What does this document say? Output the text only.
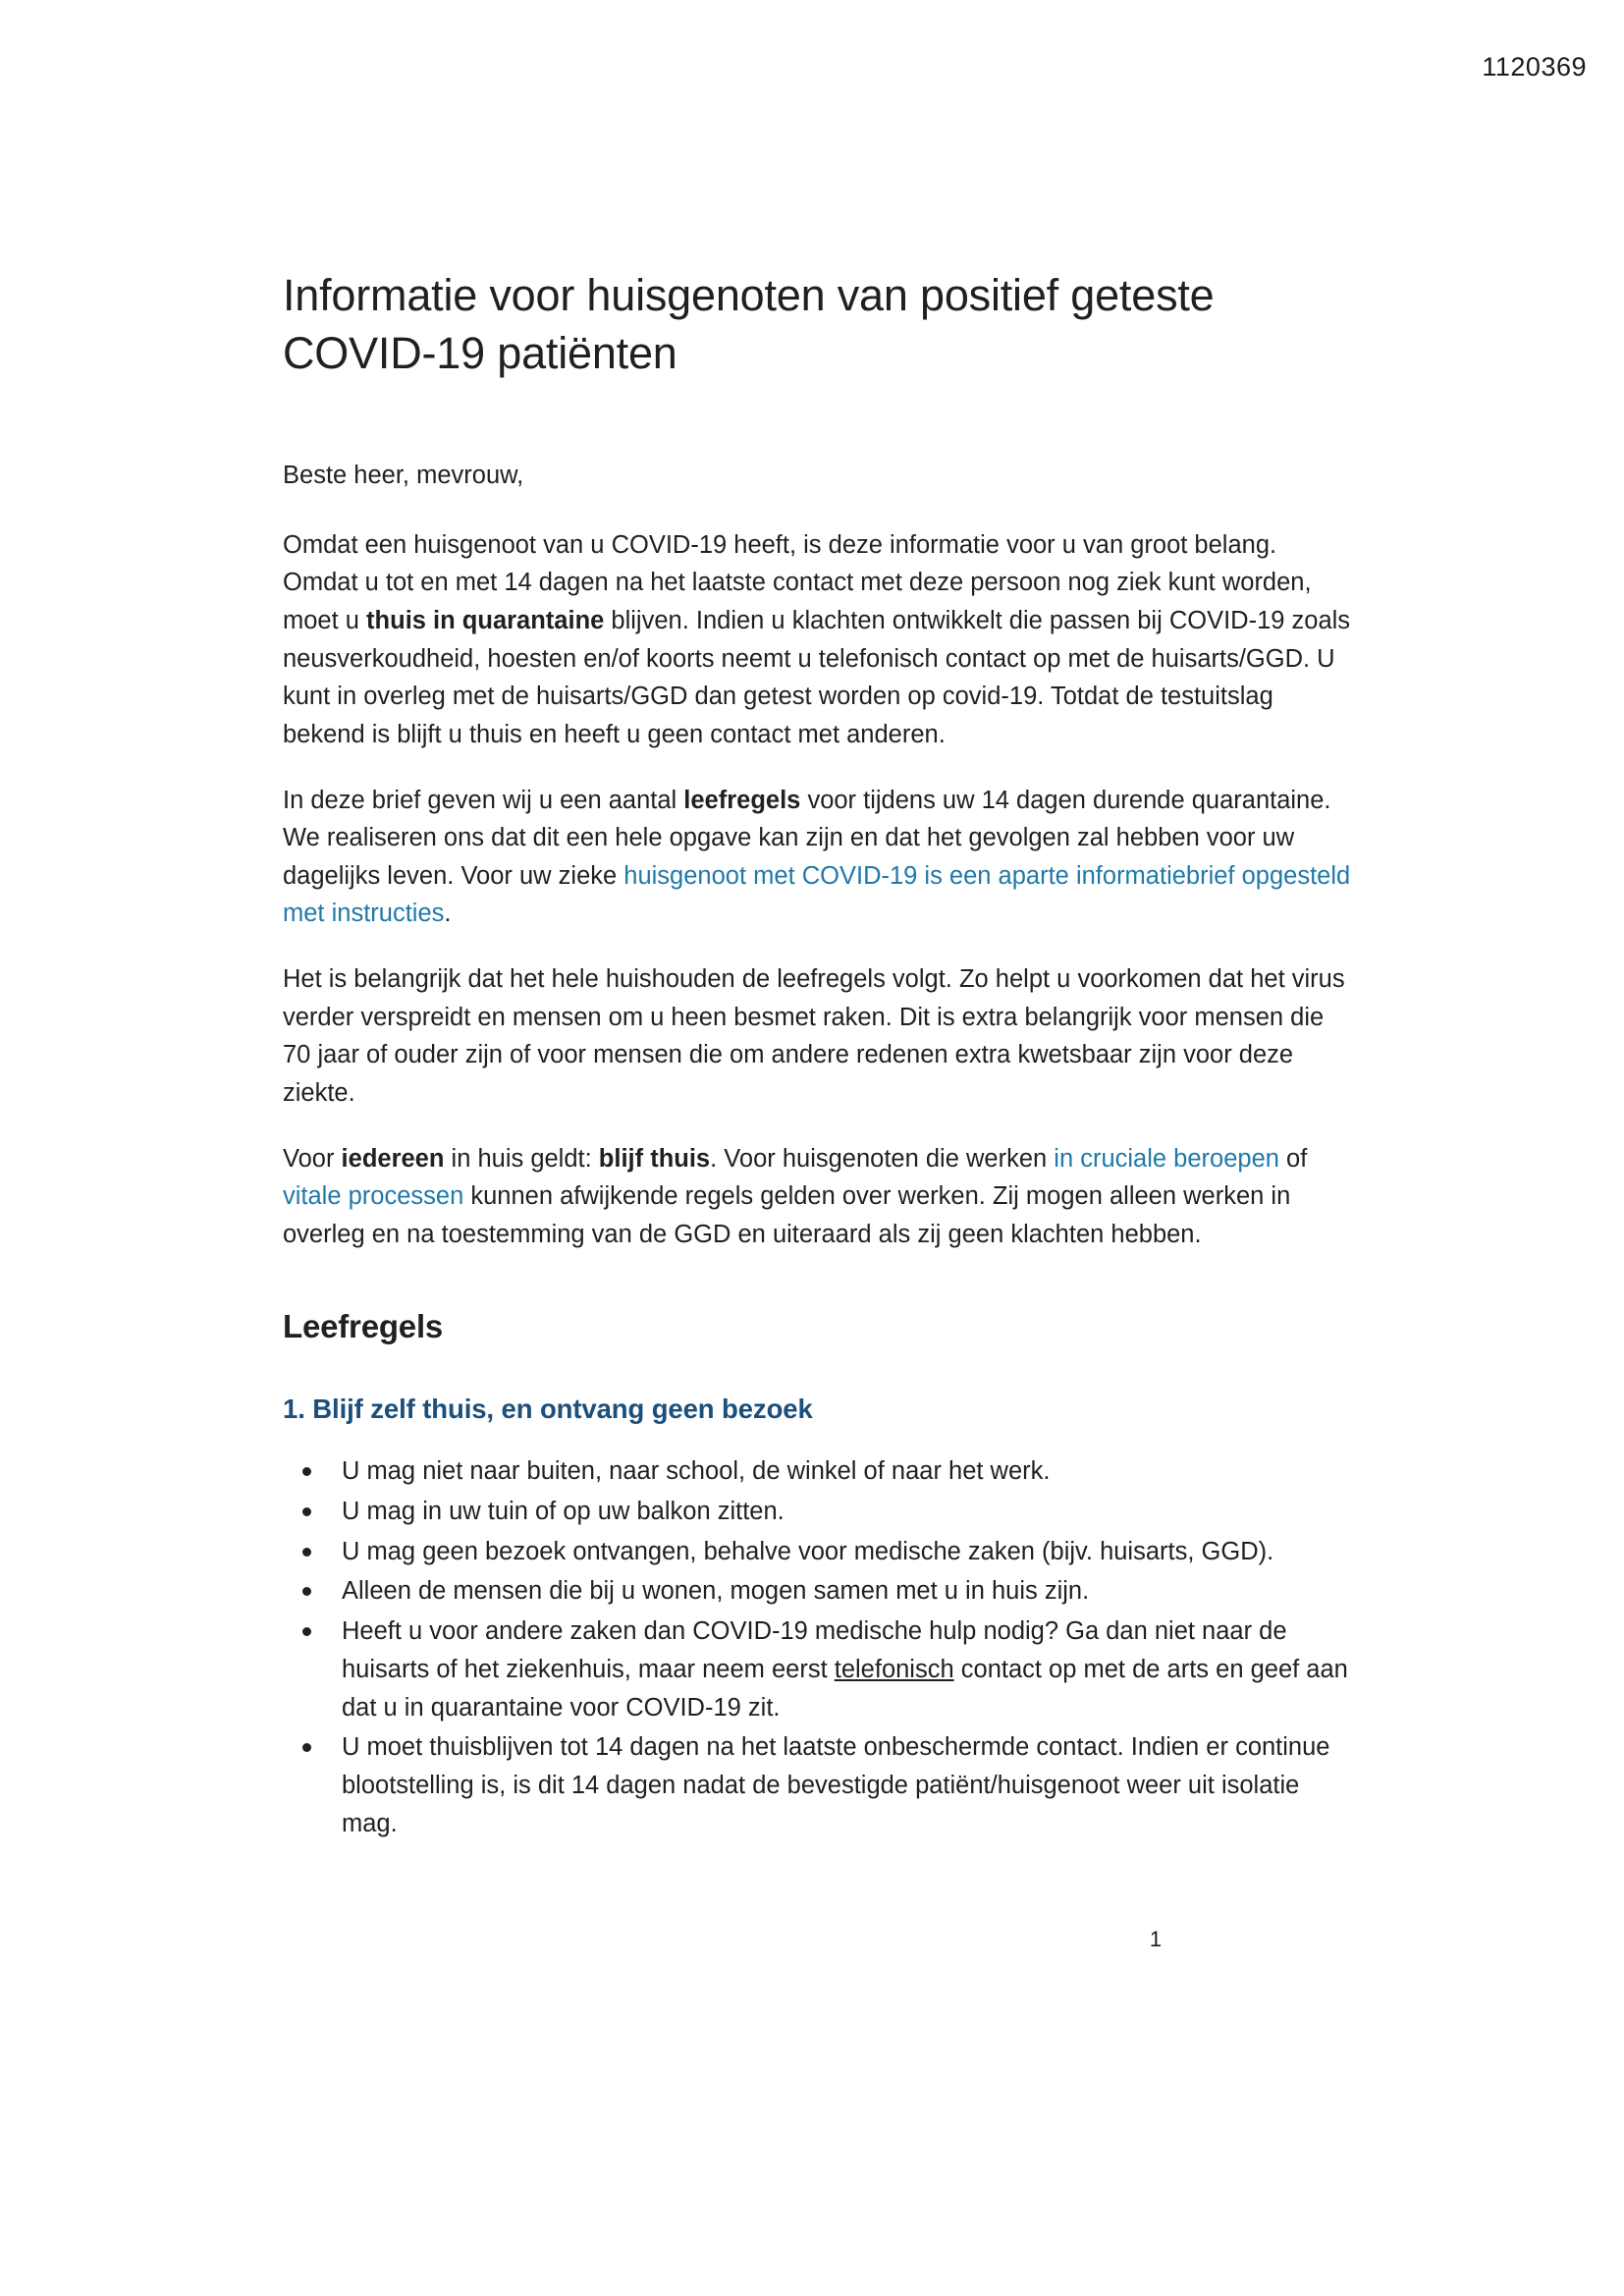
1120369
Informatie voor huisgenoten van positief geteste COVID-19 patiënten

Beste heer, mevrouw,

Omdat een huisgenoot van u COVID-19 heeft, is deze informatie voor u van groot belang. Omdat u tot en met 14 dagen na het laatste contact met deze persoon nog ziek kunt worden, moet u thuis in quarantaine blijven. Indien u klachten ontwikkelt die passen bij COVID-19 zoals neusverkoudheid, hoesten en/of koorts neemt u telefonisch contact op met de huisarts/GGD. U kunt in overleg met de huisarts/GGD dan getest worden op covid-19. Totdat de testuitslag bekend is blijft u thuis en heeft u geen contact met anderen.

In deze brief geven wij u een aantal leefregels voor tijdens uw 14 dagen durende quarantaine. We realiseren ons dat dit een hele opgave kan zijn en dat het gevolgen zal hebben voor uw dagelijks leven. Voor uw zieke huisgenoot met COVID-19 is een aparte informatiebrief opgesteld met instructies.

Het is belangrijk dat het hele huishouden de leefregels volgt. Zo helpt u voorkomen dat het virus verder verspreidt en mensen om u heen besmet raken. Dit is extra belangrijk voor mensen die 70 jaar of ouder zijn of voor mensen die om andere redenen extra kwetsbaar zijn voor deze ziekte.

Voor iedereen in huis geldt: blijf thuis. Voor huisgenoten die werken in cruciale beroepen of vitale processen kunnen afwijkende regels gelden over werken. Zij mogen alleen werken in overleg en na toestemming van de GGD en uiteraard als zij geen klachten hebben.

Leefregels
1. Blijf zelf thuis, en ontvang geen bezoek
U mag niet naar buiten, naar school, de winkel of naar het werk.
U mag in uw tuin of op uw balkon zitten.
U mag geen bezoek ontvangen, behalve voor medische zaken (bijv. huisarts, GGD).
Alleen de mensen die bij u wonen, mogen samen met u in huis zijn.
Heeft u voor andere zaken dan COVID-19 medische hulp nodig? Ga dan niet naar de huisarts of het ziekenhuis, maar neem eerst telefonisch contact op met de arts en geef aan dat u in quarantaine voor COVID-19 zit.
U moet thuisblijven tot 14 dagen na het laatste onbeschermde contact. Indien er continue blootstelling is, is dit 14 dagen nadat de bevestigde patiënt/huisgenoot weer uit isolatie mag.
1
